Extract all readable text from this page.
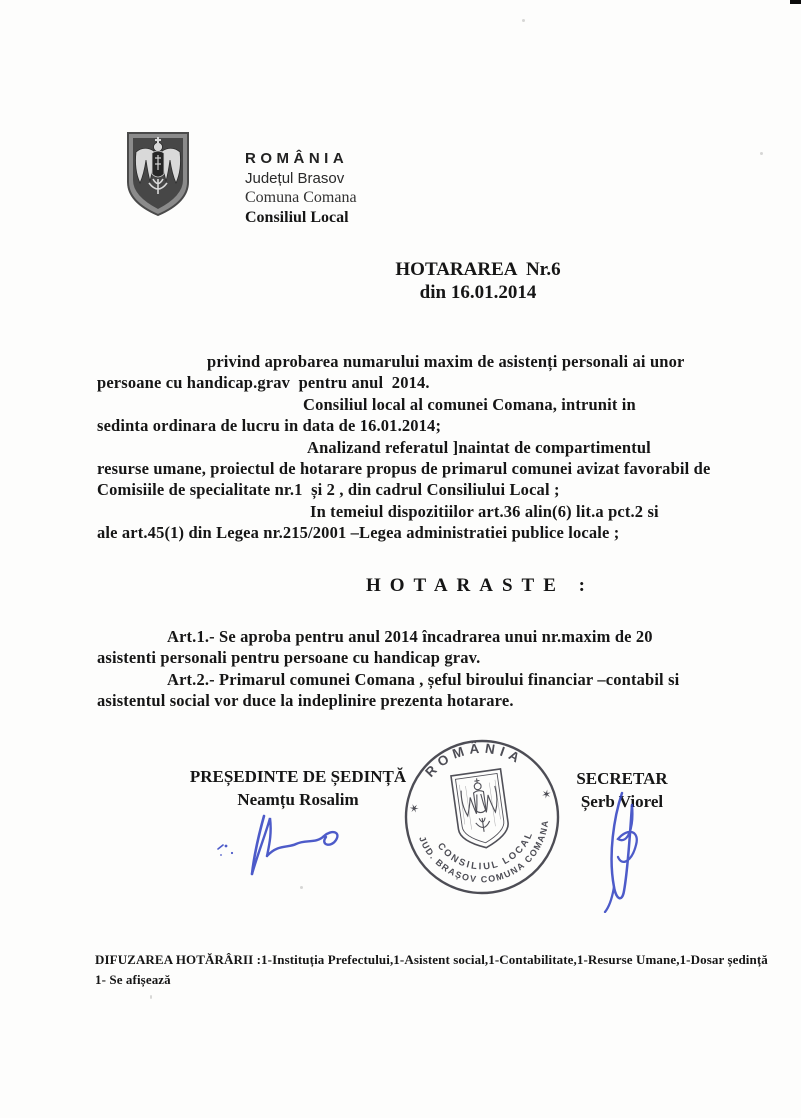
ROMÂNIA
Județul Brasov
Comuna Comana
Consiliul Local
HOTARAREA  Nr.6
din 16.01.2014
privind aprobarea numarului maxim de asistenți personali ai unor
persoane cu handicap.grav  pentru anul  2014.
Consiliul local al comunei Comana, intrunit in
sedinta ordinara de lucru in data de 16.01.2014;
Analizand referatul ]naintat de compartimentul
resurse umane, proiectul de hotarare propus de primarul comunei avizat favorabil de
Comisiile de specialitate nr.1  și 2 , din cadrul Consiliului Local ;
In temeiul dispozitiilor art.36 alin(6) lit.a pct.2 si
ale art.45(1) din Legea nr.215/2001 –Legea administratiei publice locale ;
HOTARASTE :
Art.1.- Se aproba pentru anul 2014 încadrarea unui nr.maxim de 20
asistenti personali pentru persoane cu handicap grav.
Art.2.- Primarul comunei Comana , șeful biroului financiar –contabil si
asistentul social vor duce la indeplinire prezenta hotarare.
PREȘEDINTE DE ȘEDINȚĂ
Neamțu Rosalim
SECRETAR
Șerb Viorel
ROMÂNIA
✶
✶
JUD. BRAȘOV COMUNA COMANA
CONSILIUL LOCAL
DIFUZAREA HOTĂRÂRII :1-Instituția Prefectului,1-Asistent social,1-Contabilitate,1-Resurse Umane,1-Dosar ședință
1- Se afișează
